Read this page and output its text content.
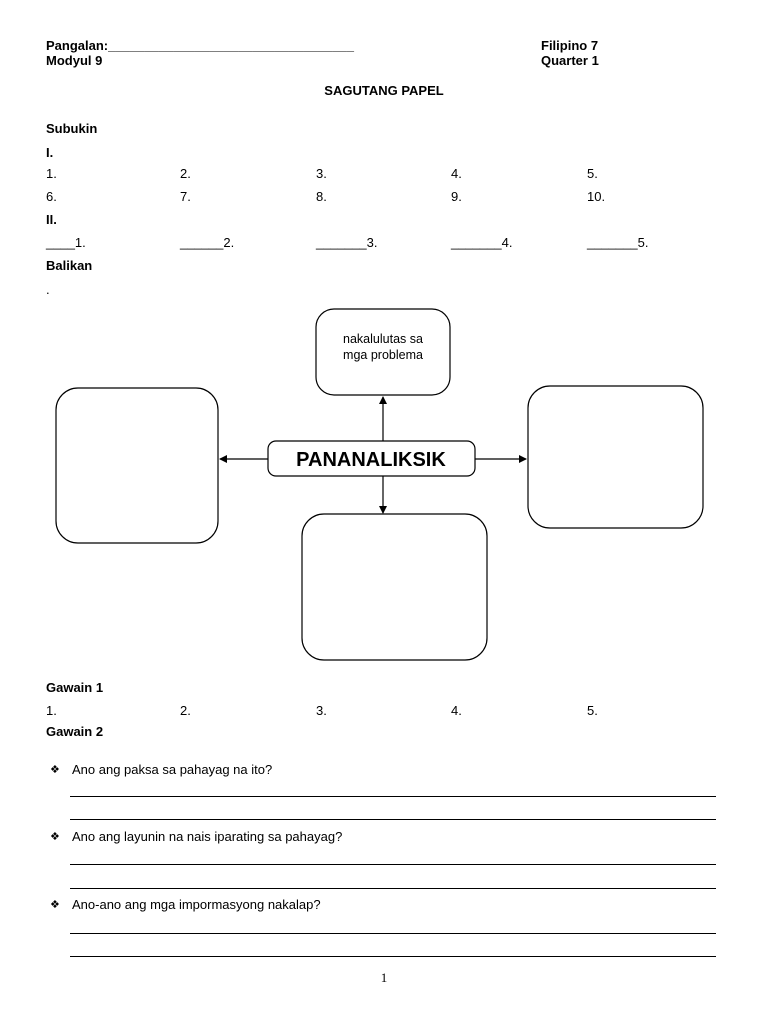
Pangalan:__________________________________
Modyul 9
Filipino 7
Quarter 1
SAGUTANG PAPEL
Subukin
I.
1.	2.	3.	4.	5.
6.	7.	8.	9.	10.
II.
____1.	______2.	_______3.	_______4.	_______5.
Balikan
.
nakalulutas sa
mga problema
PANANALIKSIK
Gawain 1
1.	2.	3.	4.	5.
Gawain 2
❖ Ano ang paksa sa pahayag na ito?
❖ Ano ang layunin na nais iparating sa pahayag?
❖ Ano-ano ang mga impormasyong nakalap?
1
